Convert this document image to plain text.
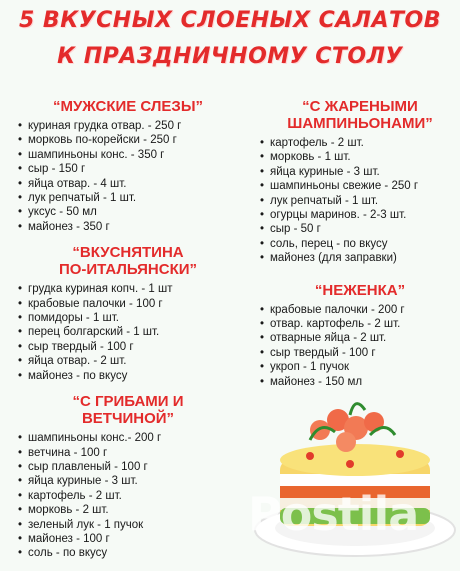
5 ВКУСНЫХ СЛОЕНЫХ САЛАТОВ
К ПРАЗДНИЧНОМУ СТОЛУ
“МУЖСКИЕ СЛЕЗЫ”
• куриная грудка отвар. - 250 г
• морковь по-корейски - 250 г
• шампиньоны конс. - 350 г
• сыр - 150 г
• яйца отвар. - 4 шт.
• лук репчатый - 1 шт.
• уксус - 50 мл
• майонез - 350 г
“ВКУСНЯТИНА
ПО-ИТАЛЬЯНСКИ”
• грудка куриная копч. - 1 шт
• крабовые палочки - 100 г
• помидоры - 1 шт.
• перец болгарский - 1 шт.
• сыр твердый - 100 г
• яйца отвар. - 2 шт.
• майонез - по вкусу
“С ГРИБАМИ И
ВЕТЧИНОЙ”
• шампиньоны конс.- 200 г
• ветчина - 100 г
• сыр плавленый - 100 г
• яйца куриные - 3 шт.
• картофель - 2 шт.
• морковь - 2 шт.
• зеленый лук - 1 пучок
• майонез - 100 г
• соль - по вкусу
“С ЖАРЕНЫМИ
ШАМПИНЬОНАМИ”
• картофель - 2 шт.
• морковь - 1 шт.
• яйца куриные - 3 шт.
• шампиньоны свежие - 250 г
• лук репчатый - 1 шт.
• огурцы маринов. - 2-3 шт.
• сыр - 50 г
• соль, перец - по вкусу
• майонез (для заправки)
“НЕЖЕНКА”
• крабовые палочки - 200 г
• отвар. картофель - 2 шт.
• отварные яйца - 2 шт.
• сыр твердый - 100 г
• укроп - 1 пучок
• майонез - 150 мл
Postila
